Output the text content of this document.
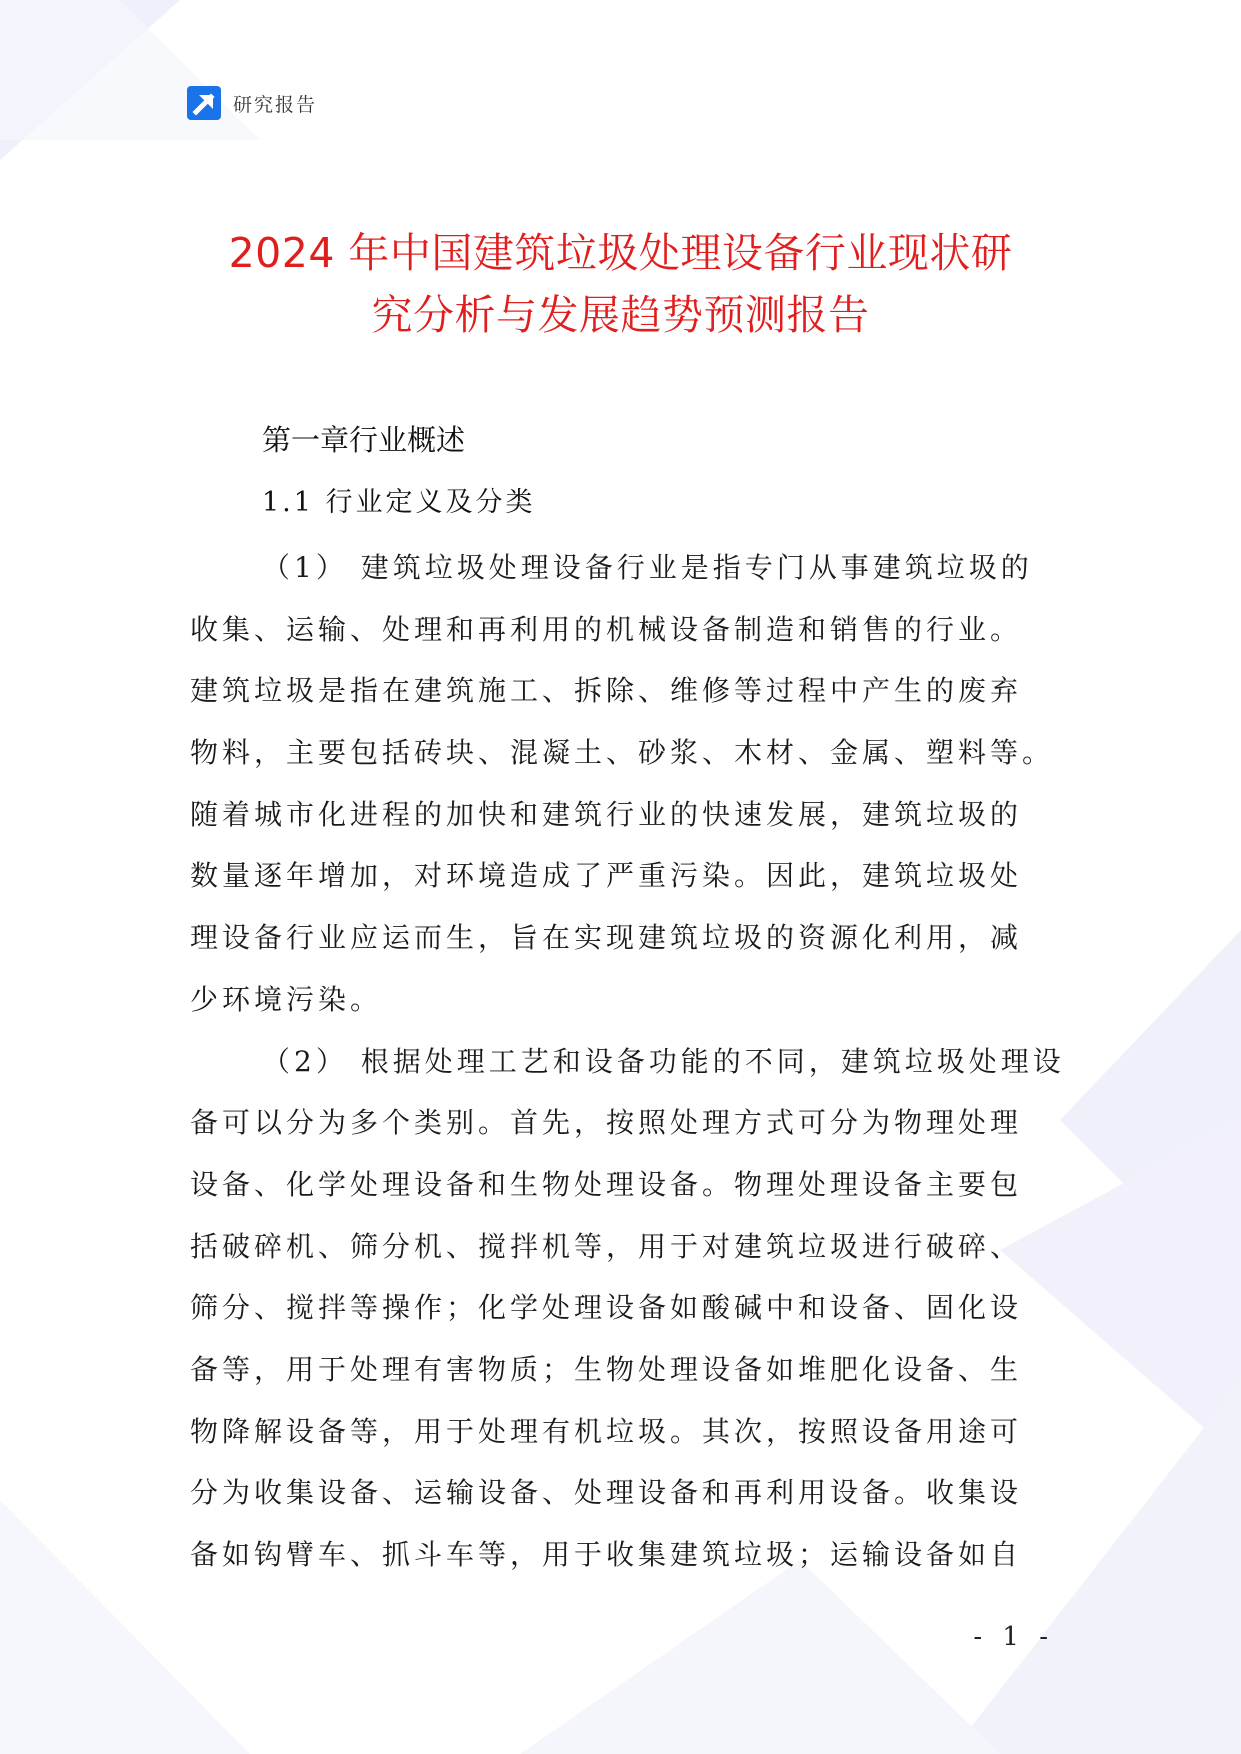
研究报告
2024 年中国建筑垃圾处理设备行业现状研
究分析与发展趋势预测报告
第一章行业概述
1.1 行业定义及分类
（1） 建筑垃圾处理设备行业是指专门从事建筑垃圾的
收集、运输、处理和再利用的机械设备制造和销售的行业。
建筑垃圾是指在建筑施工、拆除、维修等过程中产生的废弃
物料，主要包括砖块、混凝土、砂浆、木材、金属、塑料等。
随着城市化进程的加快和建筑行业的快速发展，建筑垃圾的
数量逐年增加，对环境造成了严重污染。因此，建筑垃圾处
理设备行业应运而生，旨在实现建筑垃圾的资源化利用，减
少环境污染。
（2） 根据处理工艺和设备功能的不同，建筑垃圾处理设
备可以分为多个类别。首先，按照处理方式可分为物理处理
设备、化学处理设备和生物处理设备。物理处理设备主要包
括破碎机、筛分机、搅拌机等，用于对建筑垃圾进行破碎、
筛分、搅拌等操作；化学处理设备如酸碱中和设备、固化设
备等，用于处理有害物质；生物处理设备如堆肥化设备、生
物降解设备等，用于处理有机垃圾。其次，按照设备用途可
分为收集设备、运输设备、处理设备和再利用设备。收集设
备如钩臂车、抓斗车等，用于收集建筑垃圾；运输设备如自
- 1 -
